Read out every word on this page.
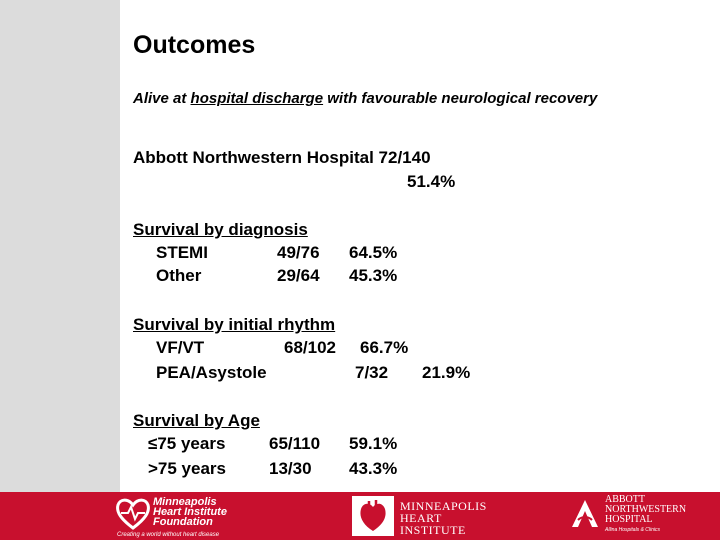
Outcomes
Alive at hospital discharge with favourable neurological recovery
Abbott Northwestern Hospital 72/140
51.4%
Survival by diagnosis
STEMI	49/76 64.5%
Other	29/64 45.3%
Survival by initial rhythm
VF/VT	68/102 66.7%
PEA/Asystole	7/32 21.9%
Survival by Age
≤75 years	65/110 59.1%
>75 years	13/30 43.3%
Minneapolis
Heart Institute
Foundation
Creating a world without heart disease
MINNEAPOLIS
HEART
INSTITUTE
ABBOTT
NORTHWESTERN
HOSPITAL
Allina Hospitals & Clinics
